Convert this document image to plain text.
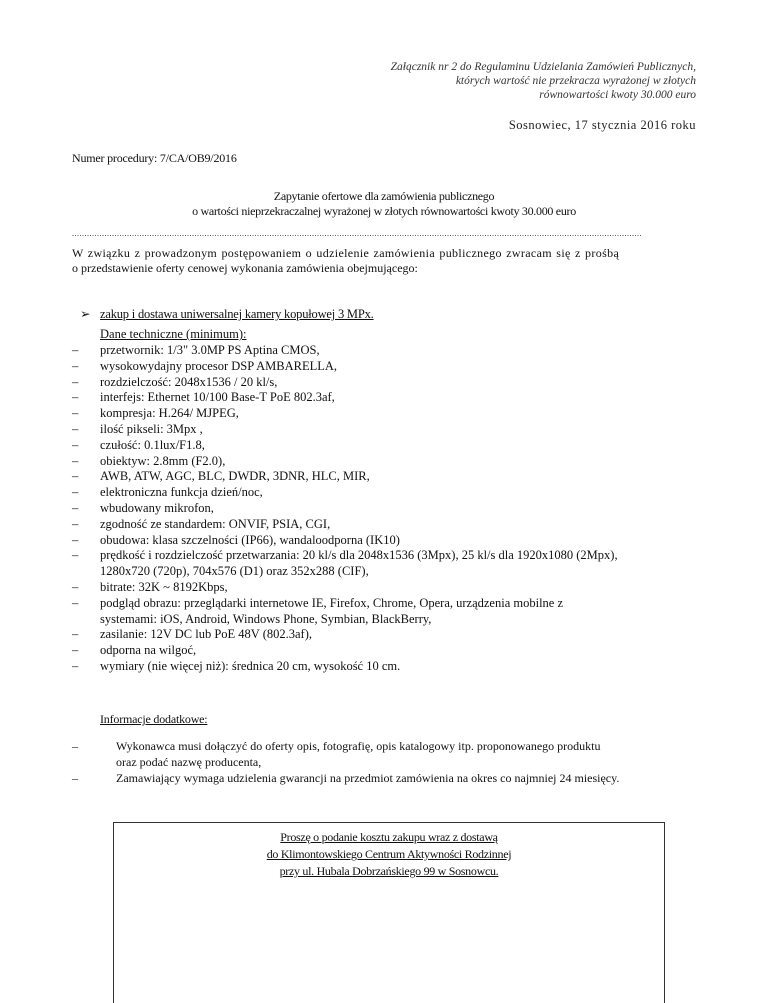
Załącznik nr 2 do Regulaminu Udzielania Zamówień Publicznych,
których wartość nie przekracza wyrażonej w złotych
równowartości kwoty 30.000 euro
Sosnowiec, 17 stycznia 2016 roku
Numer procedury: 7/CA/OB9/2016
Zapytanie ofertowe dla zamówienia publicznego
o wartości nieprzekraczalnej wyrażonej w złotych równowartości kwoty 30.000 euro
....................................................................................................................................................................................................................................
W związku z prowadzonym postępowaniem o udzielenie zamówienia publicznego zwracam się z prośbą
o przedstawienie oferty cenowej wykonania zamówienia obejmującego:
➢ zakup i dostawa uniwersalnej kamery kopułowej 3 MPx.
Dane techniczne (minimum):
–	przetwornik: 1/3" 3.0MP PS Aptina CMOS,
–	wysokowydajny procesor DSP AMBARELLA,
–	rozdzielczość: 2048x1536 / 20 kl/s,
–	interfejs: Ethernet 10/100 Base-T PoE 802.3af,
–	kompresja: H.264/ MJPEG,
–	ilość pikseli: 3Mpx ,
–	czułość: 0.1lux/F1.8,
–	obiektyw: 2.8mm (F2.0),
–	AWB, ATW, AGC, BLC, DWDR, 3DNR, HLC, MIR,
–	elektroniczna funkcja dzień/noc,
–	wbudowany mikrofon,
–	zgodność ze standardem: ONVIF, PSIA, CGI,
–	obudowa: klasa szczelności (IP66), wandaloodporna (IK10)
–	prędkość i rozdzielczość przetwarzania: 20 kl/s dla 2048x1536 (3Mpx), 25 kl/s dla 1920x1080 (2Mpx),
1280x720 (720p), 704x576 (D1) oraz 352x288 (CIF),
–	bitrate: 32K ~ 8192Kbps,
–	podgląd obrazu: przeglądarki internetowe IE, Firefox, Chrome, Opera, urządzenia mobilne z
systemami: iOS, Android, Windows Phone, Symbian, BlackBerry,
–	zasilanie: 12V DC lub PoE 48V (802.3af),
–	odporna na wilgoć,
–	wymiary (nie więcej niż): średnica 20 cm, wysokość 10 cm.
Informacje dodatkowe:
–	Wykonawca musi dołączyć do oferty opis, fotografię, opis katalogowy itp. proponowanego produktu
oraz podać nazwę producenta,
–	Zamawiający wymaga udzielenia gwarancji na przedmiot zamówienia na okres co najmniej 24 miesięcy.
Proszę o podanie kosztu zakupu wraz z dostawą
do Klimontowskiego Centrum Aktywności Rodzinnej
przy ul. Hubala Dobrzańskiego 99 w Sosnowcu.
